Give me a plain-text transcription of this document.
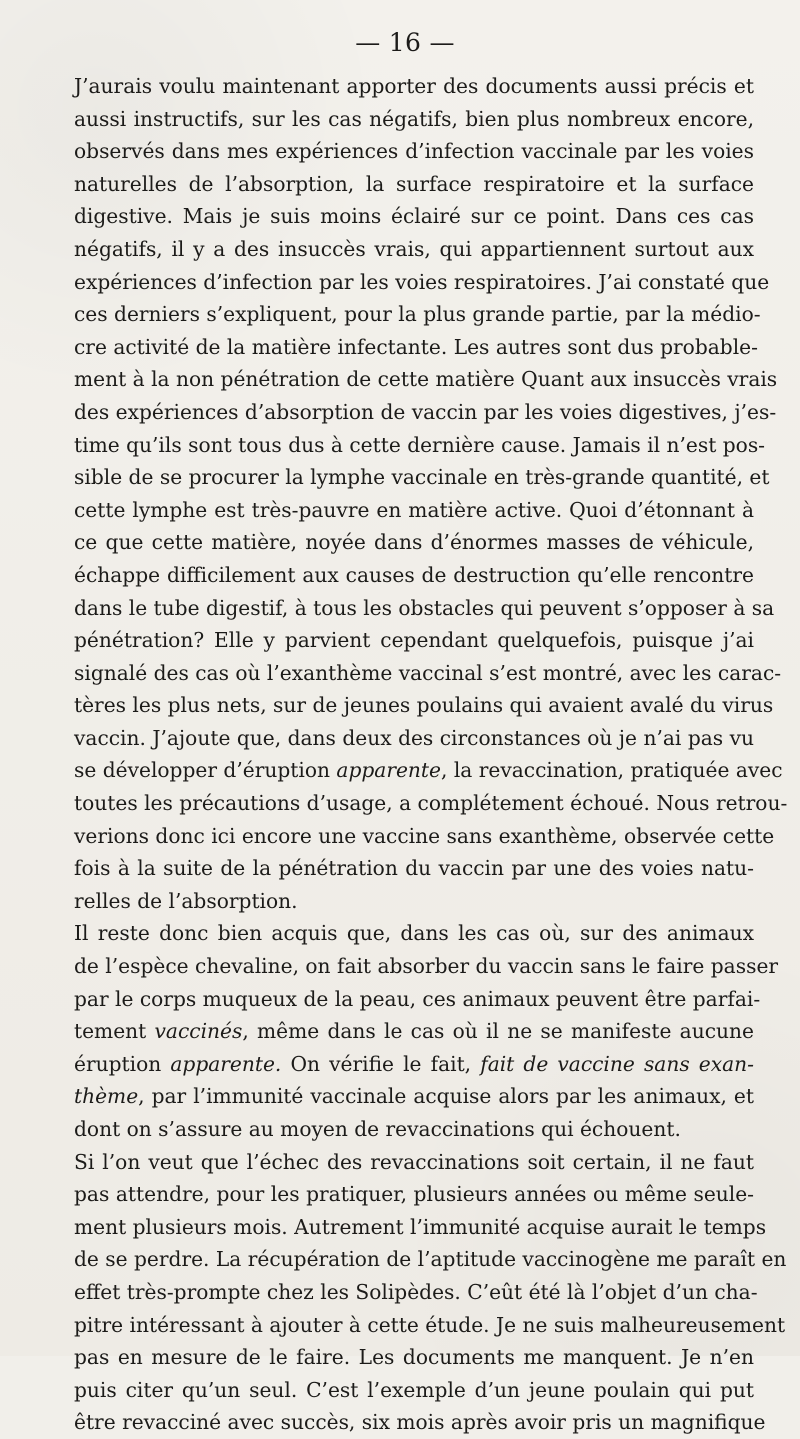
— 16 —

J’aurais voulu maintenant apporter des documents aussi précis et
aussi instructifs, sur les cas négatifs, bien plus nombreux encore,
observés dans mes expériences d’infection vaccinale par les voies
naturelles de l’absorption, la surface respiratoire et la surface
digestive. Mais je suis moins éclairé sur ce point. Dans ces cas
négatifs, il y a des insuccès vrais, qui appartiennent surtout aux
expériences d’infection par les voies respiratoires. J’ai constaté que
ces derniers s’expliquent, pour la plus grande partie, par la médio-
cre activité de la matière infectante. Les autres sont dus probable-
ment à la non pénétration de cette matière Quant aux insuccès vrais
des expériences d’absorption de vaccin par les voies digestives, j’es-
time qu’ils sont tous dus à cette dernière cause. Jamais il n’est pos-
sible de se procurer la lymphe vaccinale en très-grande quantité, et
cette lymphe est très-pauvre en matière active. Quoi d’étonnant à
ce que cette matière, noyée dans d’énormes masses de véhicule,
échappe difficilement aux causes de destruction qu’elle rencontre
dans le tube digestif, à tous les obstacles qui peuvent s’opposer à sa
pénétration? Elle y parvient cependant quelquefois, puisque j’ai
signalé des cas où l’exanthème vaccinal s’est montré, avec les carac-
tères les plus nets, sur de jeunes poulains qui avaient avalé du virus
vaccin. J’ajoute que, dans deux des circonstances où je n’ai pas vu
se développer d’éruption apparente, la revaccination, pratiquée avec
toutes les précautions d’usage, a complétement échoué. Nous retrou-
verions donc ici encore une vaccine sans exanthème, observée cette
fois à la suite de la pénétration du vaccin par une des voies natu-
relles de l’absorption.

Il reste donc bien acquis que, dans les cas où, sur des animaux
de l’espèce chevaline, on fait absorber du vaccin sans le faire passer
par le corps muqueux de la peau, ces animaux peuvent être parfai-
tement vaccinés, même dans le cas où il ne se manifeste aucune
éruption apparente. On vérifie le fait, fait de vaccine sans exan-
thème, par l’immunité vaccinale acquise alors par les animaux, et
dont on s’assure au moyen de revaccinations qui échouent.

Si l’on veut que l’échec des revaccinations soit certain, il ne faut
pas attendre, pour les pratiquer, plusieurs années ou même seule-
ment plusieurs mois. Autrement l’immunité acquise aurait le temps
de se perdre. La récupération de l’aptitude vaccinogène me paraît en
effet très-prompte chez les Solipèdes. C’eût été là l’objet d’un cha-
pitre intéressant à ajouter à cette étude. Je ne suis malheureusement
pas en mesure de le faire. Les documents me manquent. Je n’en
puis citer qu’un seul. C’est l’exemple d’un jeune poulain qui put
être revacciné avec succès, six mois après avoir pris un magnifique
